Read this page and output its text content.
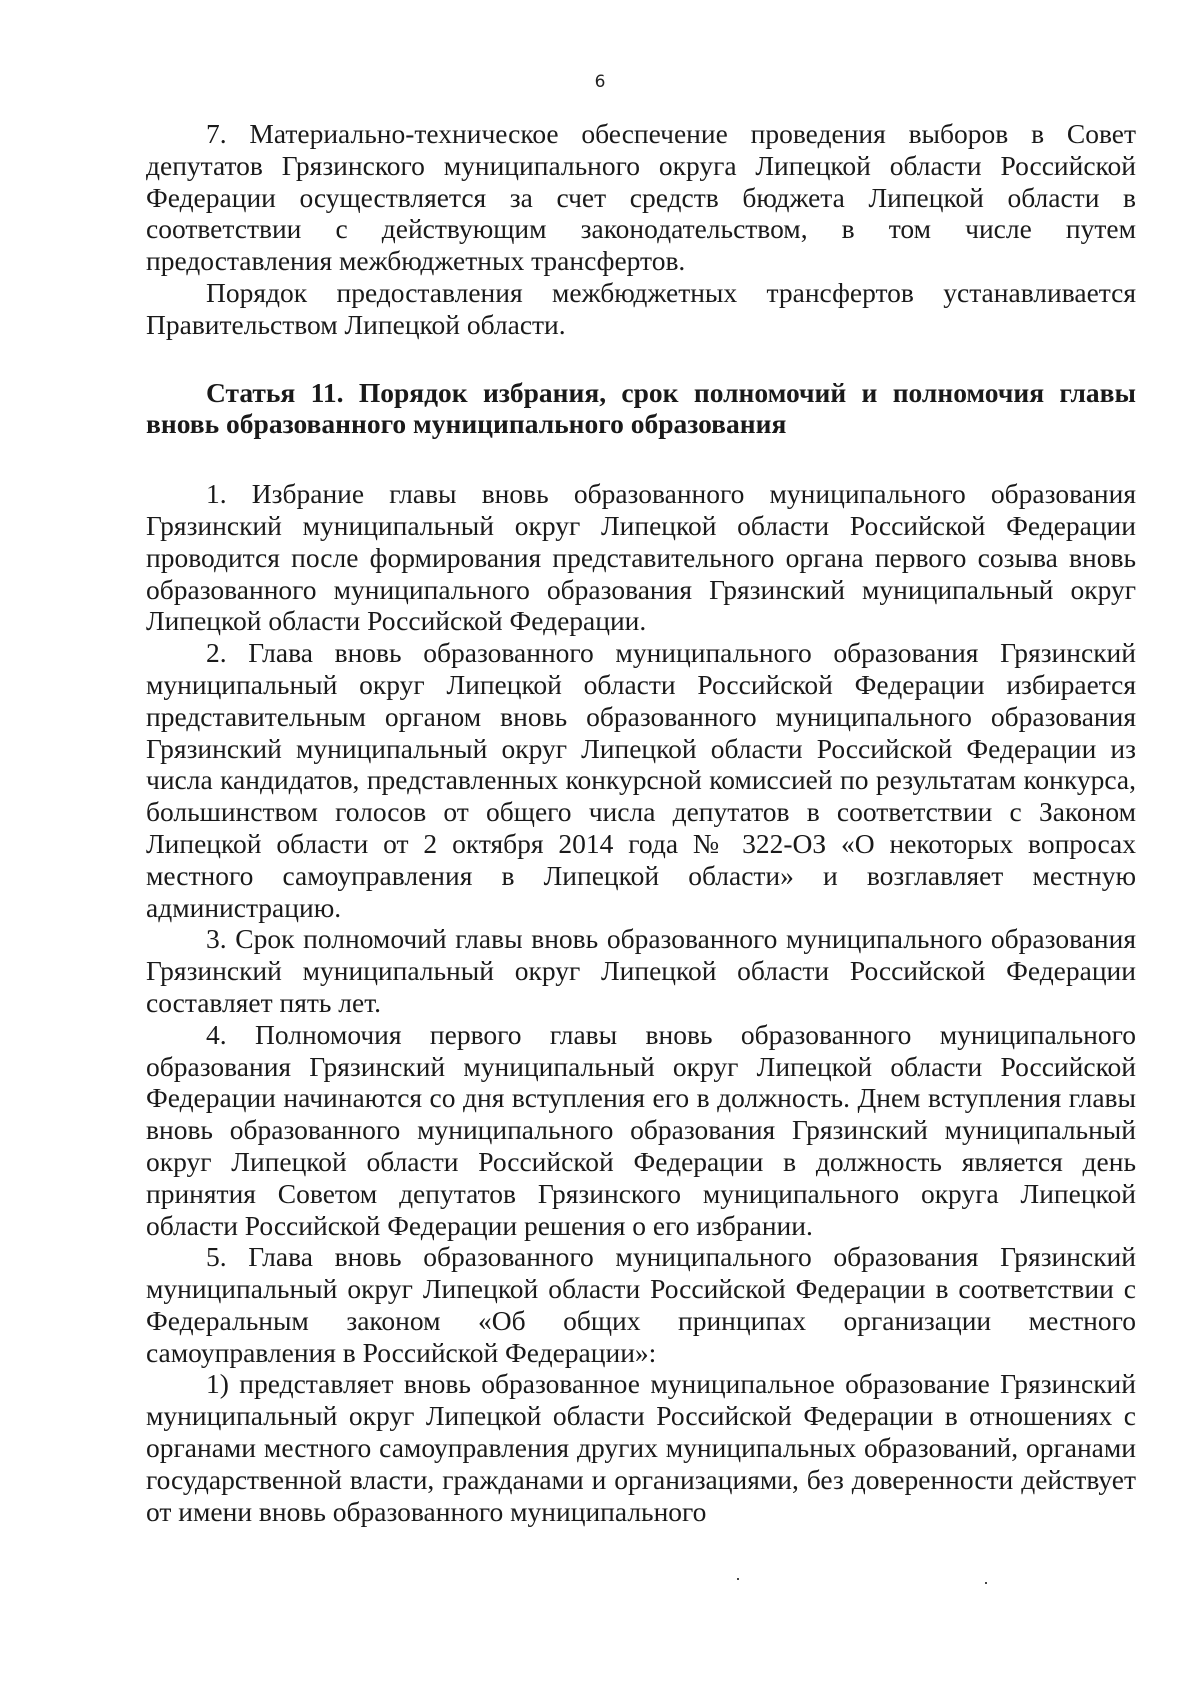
6

7. Материально-техническое обеспечение проведения выборов в Совет депутатов Грязинского муниципального округа Липецкой области Российской Федерации осуществляется за счет средств бюджета Липецкой области в соответствии с действующим законодательством, в том числе путем предоставления межбюджетных трансфертов.

Порядок предоставления межбюджетных трансфертов устанавливается Правительством Липецкой области.

Статья 11. Порядок избрания, срок полномочий и полномочия главы вновь образованного муниципального образования

1. Избрание главы вновь образованного муниципального образования Грязинский муниципальный округ Липецкой области Российской Федерации проводится после формирования представительного органа первого созыва вновь образованного муниципального образования Грязинский муниципальный округ Липецкой области Российской Федерации.

2. Глава вновь образованного муниципального образования Грязинский муниципальный округ Липецкой области Российской Федерации избирается представительным органом вновь образованного муниципального образования Грязинский муниципальный округ Липецкой области Российской Федерации из числа кандидатов, представленных конкурсной комиссией по результатам конкурса, большинством голосов от общего числа депутатов в соответствии с Законом Липецкой области от 2 октября 2014 года № 322-ОЗ «О некоторых вопросах местного самоуправления в Липецкой области» и возглавляет местную администрацию.

3. Срок полномочий главы вновь образованного муниципального образования Грязинский муниципальный округ Липецкой области Российской Федерации составляет пять лет.

4. Полномочия первого главы вновь образованного муниципального образования Грязинский муниципальный округ Липецкой области Российской Федерации начинаются со дня вступления его в должность. Днем вступления главы вновь образованного муниципального образования Грязинский муниципальный округ Липецкой области Российской Федерации в должность является день принятия Советом депутатов Грязинского муниципального округа Липецкой области Российской Федерации решения о его избрании.

5. Глава вновь образованного муниципального образования Грязинский муниципальный округ Липецкой области Российской Федерации в соответствии с Федеральным законом «Об общих принципах организации местного самоуправления в Российской Федерации»:

1) представляет вновь образованное муниципальное образование Грязинский муниципальный округ Липецкой области Российской Федерации в отношениях с органами местного самоуправления других муниципальных образований, органами государственной власти, гражданами и организациями, без доверенности действует от имени вновь образованного муниципального
